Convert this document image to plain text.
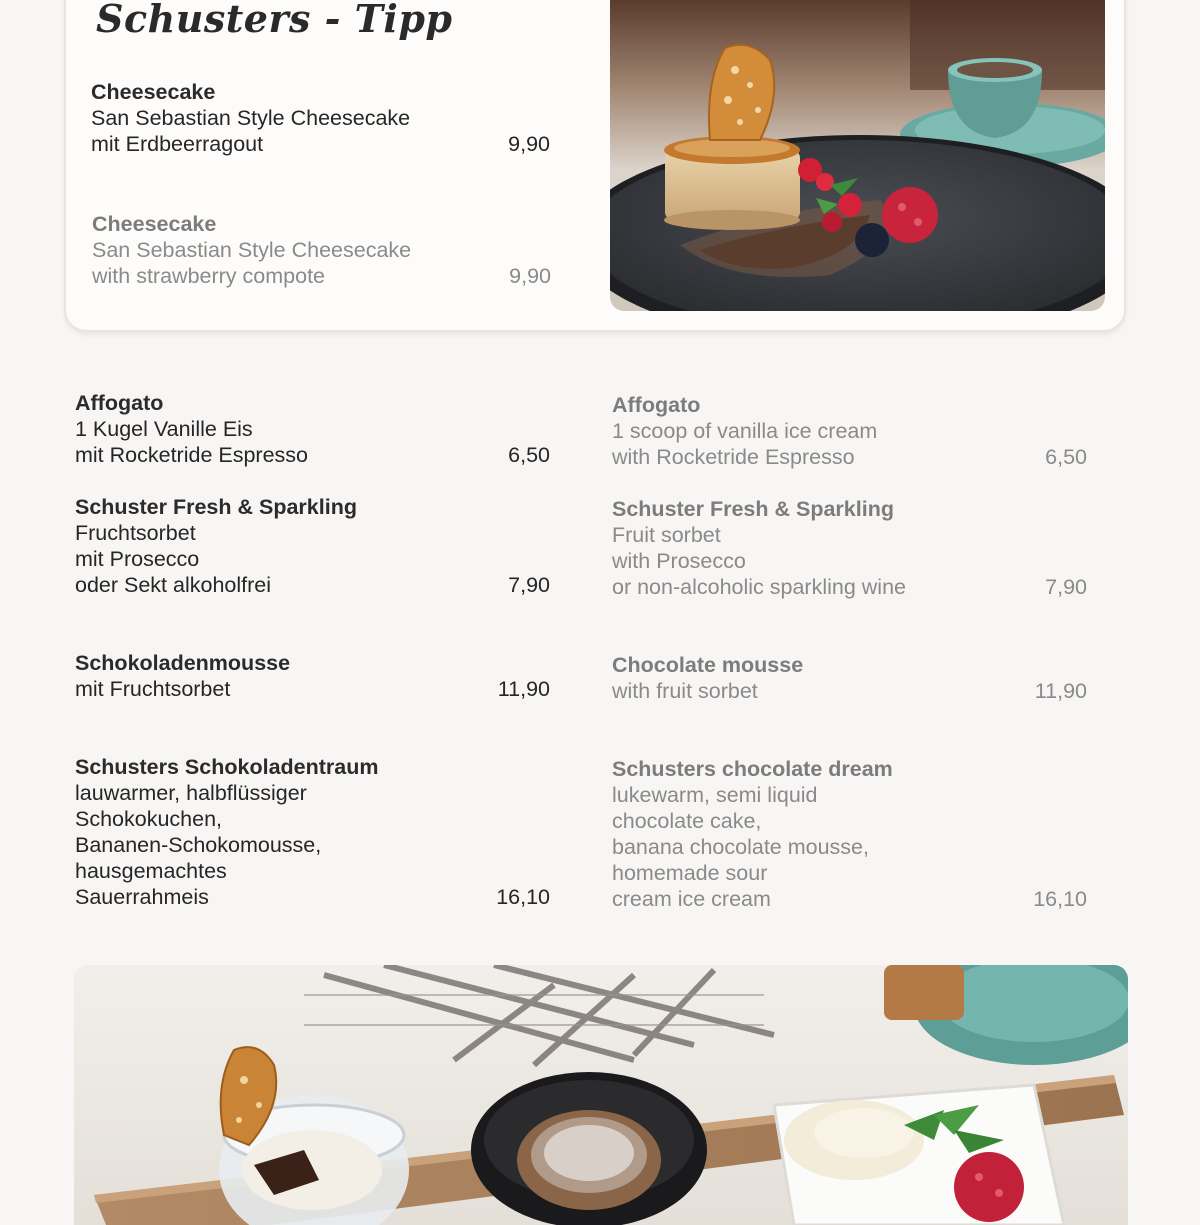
Schusters - Tipp
Cheesecake
San Sebastian Style Cheesecake
mit Erdbeerragout	9,90
Cheesecake
San Sebastian Style Cheesecake
with strawberry compote	9,90
Affogato
1 Kugel Vanille Eis
mit Rocketride Espresso	6,50
Schuster Fresh & Sparkling
Fruchtsorbet
mit Prosecco
oder Sekt alkoholfrei	7,90
Schokoladenmousse
mit Fruchtsorbet	11,90
Schusters Schokoladentraum
lauwarmer, halbflüssiger
Schokokuchen,
Bananen-Schokomousse,
hausgemachtes
Sauerrahmeis	16,10
Affogato
1 scoop of vanilla ice cream
with Rocketride Espresso	6,50
Schuster Fresh & Sparkling
Fruit sorbet
with Prosecco
or non-alcoholic sparkling wine	7,90
Chocolate mousse
with fruit sorbet	11,90
Schusters chocolate dream
lukewarm, semi liquid
chocolate cake,
banana chocolate mousse,
homemade sour
cream ice cream	16,10
